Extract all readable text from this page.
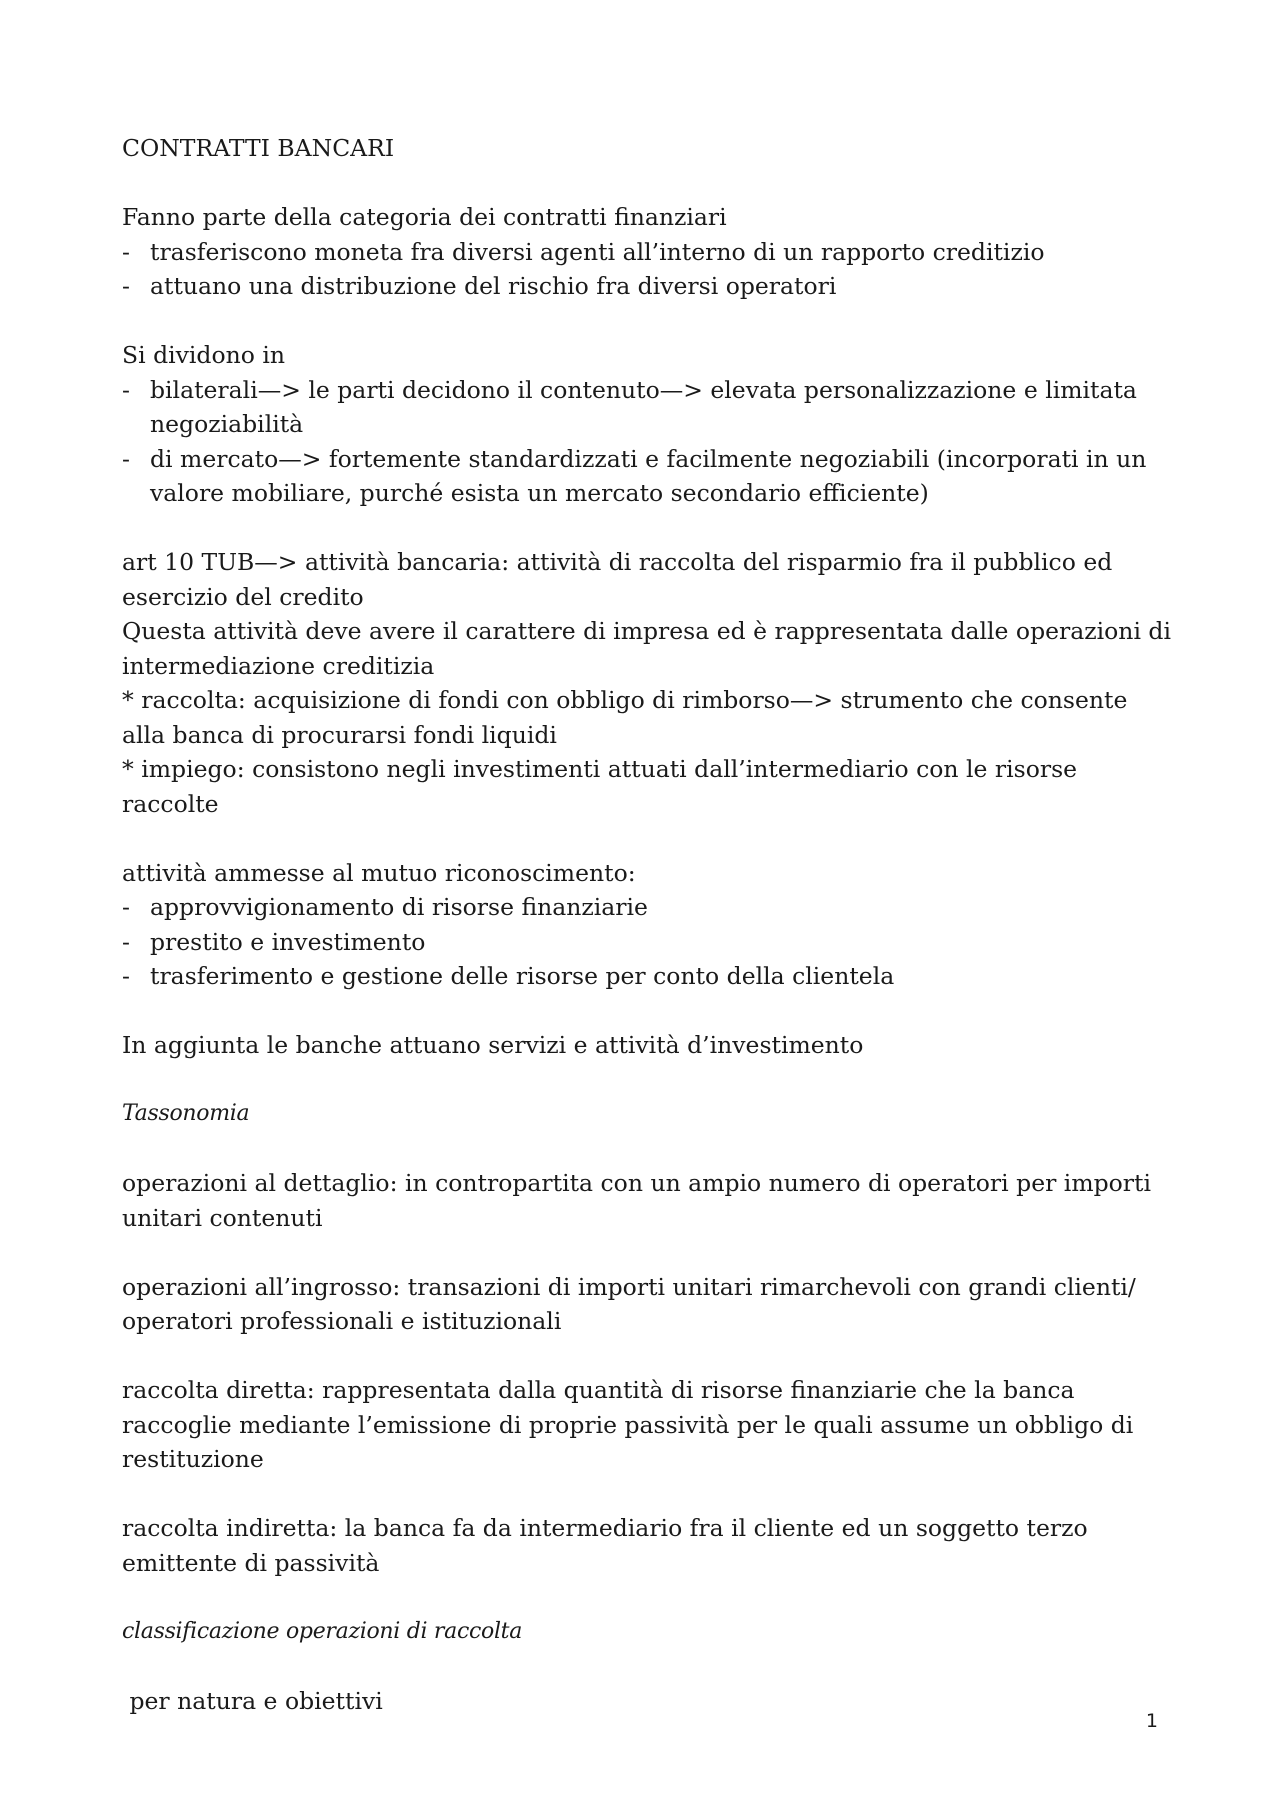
CONTRATTI BANCARI

Fanno parte della categoria dei contratti finanziari

- trasferiscono moneta fra diversi agenti all’interno di un rapporto creditizio
- attuano una distribuzione del rischio fra diversi operatori

Si dividono in

- bilaterali—> le parti decidono il contenuto—> elevata personalizzazione e limitata negoziabilità
- di mercato—> fortemente standardizzati e facilmente negoziabili (incorporati in un valore mobiliare, purché esista un mercato secondario efficiente)

art 10 TUB—> attività bancaria: attività di raccolta del risparmio fra il pubblico ed esercizio del credito

Questa attività deve avere il carattere di impresa ed è rappresentata dalle operazioni di intermediazione creditizia

* raccolta: acquisizione di fondi con obbligo di rimborso—> strumento che consente alla banca di procurarsi fondi liquidi

* impiego: consistono negli investimenti attuati dall’intermediario con le risorse raccolte

attività ammesse al mutuo riconoscimento:

- approvvigionamento di risorse finanziarie
- prestito e investimento
- trasferimento e gestione delle risorse per conto della clientela

In aggiunta le banche attuano servizi e attività d’investimento

Tassonomia

operazioni al dettaglio: in contropartita con un ampio numero di operatori per importi unitari contenuti

operazioni all’ingrosso: transazioni di importi unitari rimarchevoli con grandi clienti/ operatori professionali e istituzionali

raccolta diretta: rappresentata dalla quantità di risorse finanziarie che la banca raccoglie mediante l’emissione di proprie passività per le quali assume un obbligo di restituzione

raccolta indiretta: la banca fa da intermediario fra il cliente ed un soggetto terzo emittente di passività

classificazione operazioni di raccolta

per natura e obiettivi

1
